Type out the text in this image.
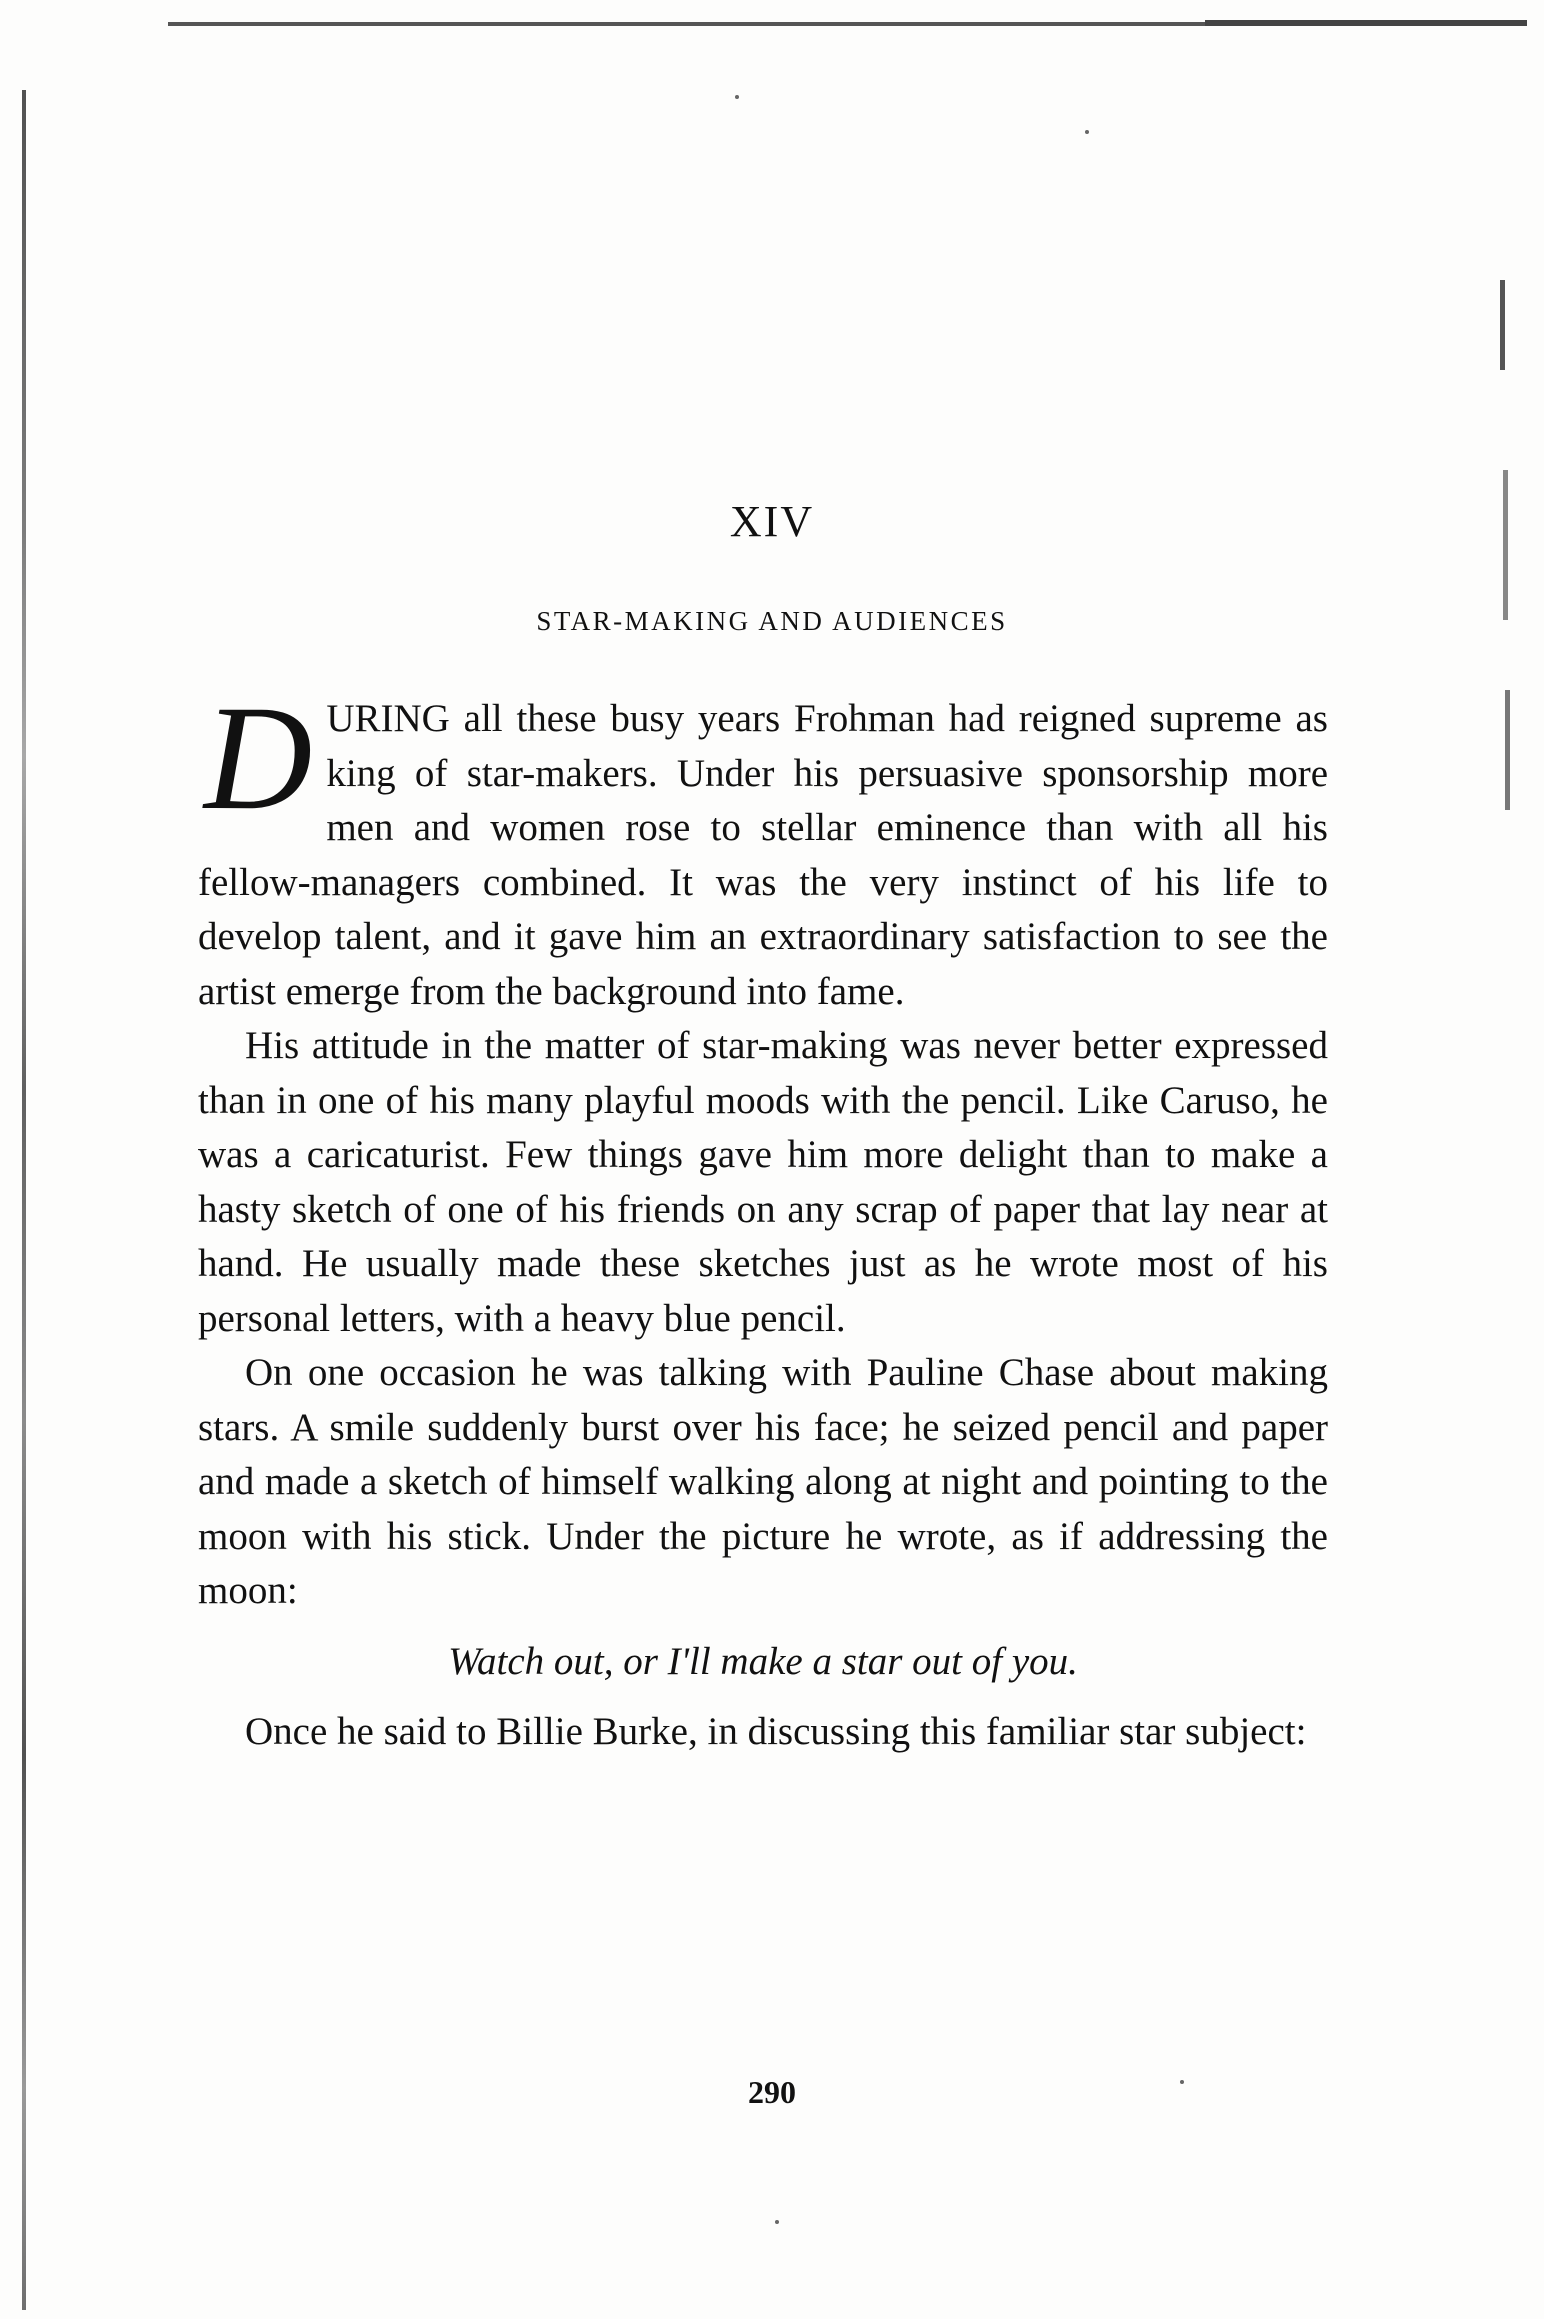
XIV
STAR-MAKING AND AUDIENCES

DURING all these busy years Frohman had reigned supreme as king of star-makers. Under his persuasive sponsorship more men and women rose to stellar eminence than with all his fellow-managers combined. It was the very instinct of his life to develop talent, and it gave him an extraordinary satisfaction to see the artist emerge from the background into fame.

His attitude in the matter of star-making was never better expressed than in one of his many playful moods with the pencil. Like Caruso, he was a caricaturist. Few things gave him more delight than to make a hasty sketch of one of his friends on any scrap of paper that lay near at hand. He usually made these sketches just as he wrote most of his personal letters, with a heavy blue pencil.

On one occasion he was talking with Pauline Chase about making stars. A smile suddenly burst over his face; he seized pencil and paper and made a sketch of himself walking along at night and pointing to the moon with his stick. Under the picture he wrote, as if addressing the moon:

Watch out, or I'll make a star out of you.

Once he said to Billie Burke, in discussing this familiar star subject:

290
